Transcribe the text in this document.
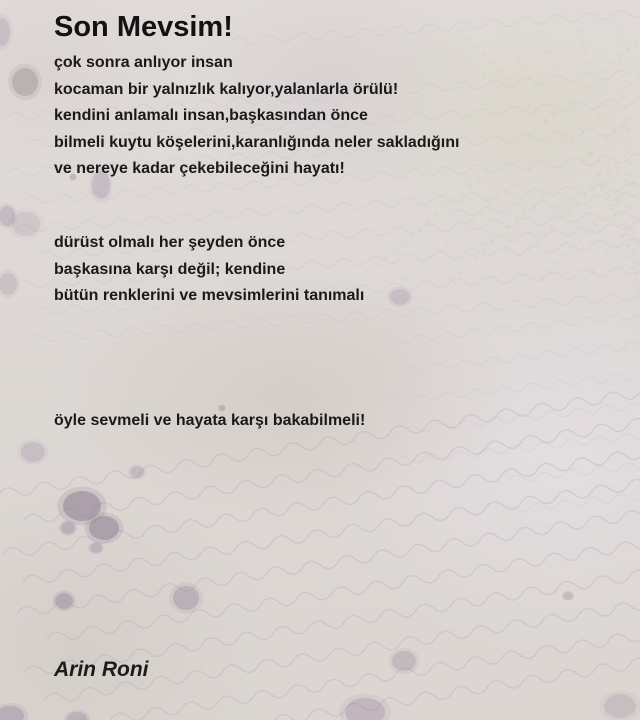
Son Mevsim!
çok sonra anlıyor insan
kocaman bir yalnızlık kalıyor,yalanlarla örülü!
kendini anlamalı insan,başkasından önce
bilmeli kuytu köşelerini,karanlığında neler sakladığını
ve nereye kadar çekebileceğini hayatı!
dürüst olmalı her şeyden önce
başkasına karşı değil; kendine
bütün renklerini ve mevsimlerini tanımalı
öyle sevmeli ve hayata karşı bakabilmeli!
Arin Roni
